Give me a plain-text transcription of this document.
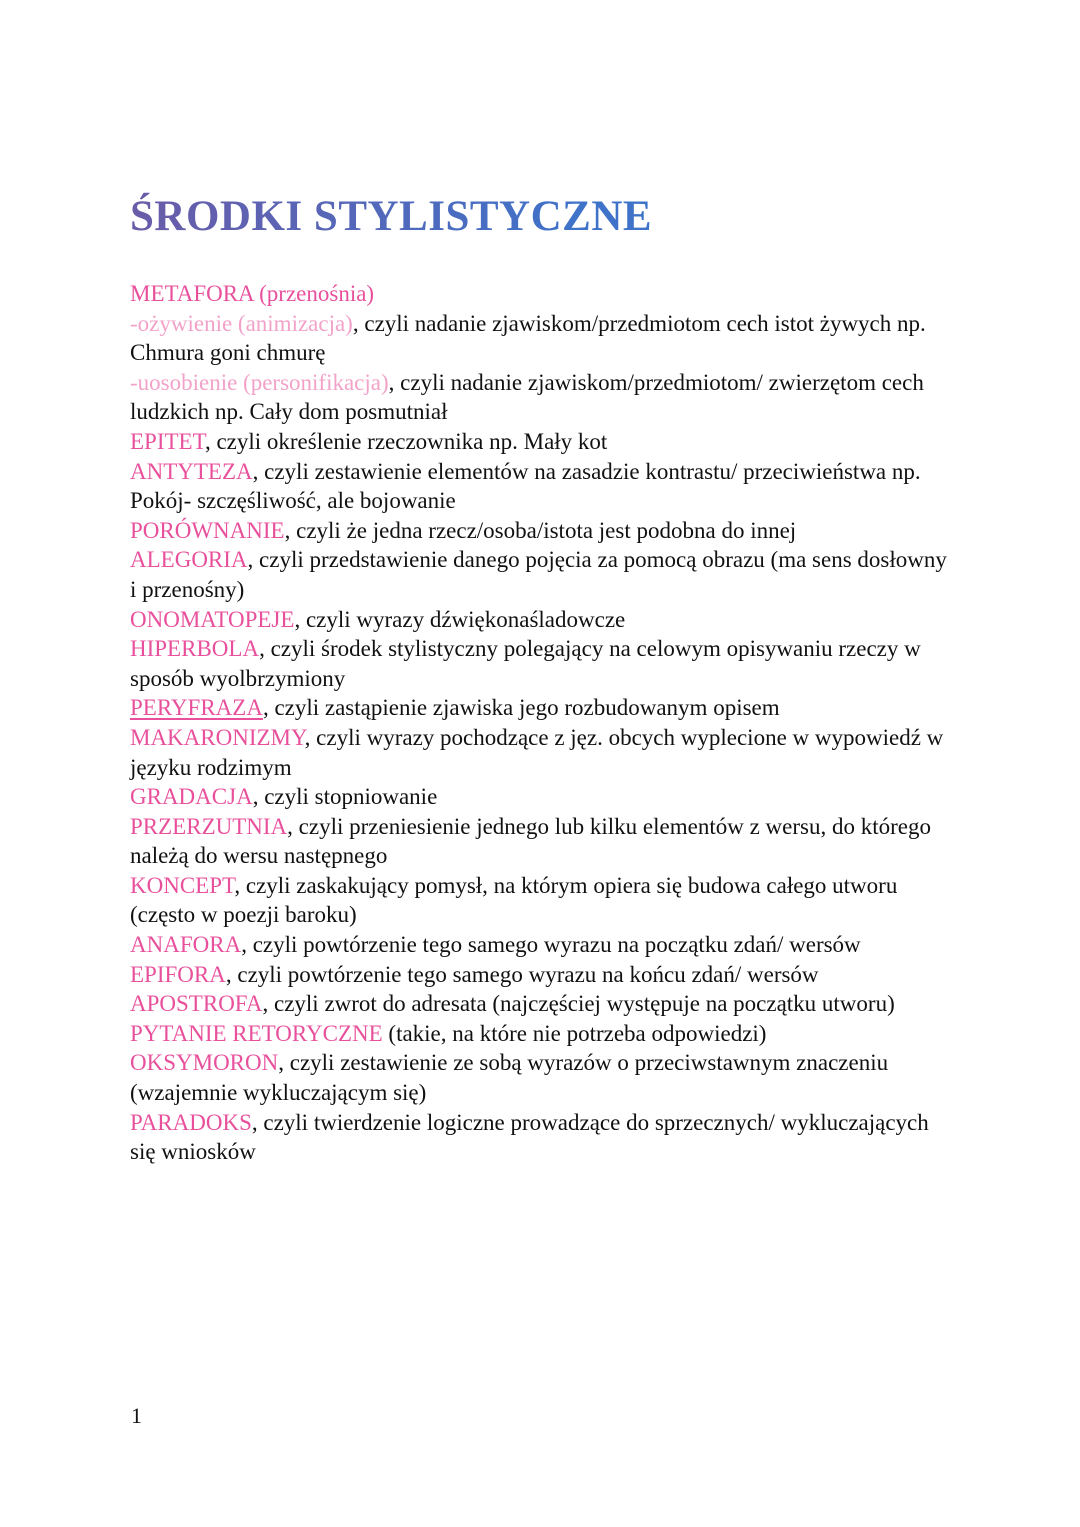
ŚRODKI STYLISTYCZNE

METAFORA (przenośnia)

-ożywienie (animizacja), czyli nadanie zjawiskom/przedmiotom cech istot żywych np. Chmura goni chmurę

-uosobienie (personifikacja), czyli nadanie zjawiskom/przedmiotom/ zwierzętom cech ludzkich np. Cały dom posmutniał

EPITET, czyli określenie rzeczownika np. Mały kot

ANTYTEZA, czyli zestawienie elementów na zasadzie kontrastu/ przeciwieństwa np. Pokój- szczęśliwość, ale bojowanie

PORÓWNANIE, czyli że jedna rzecz/osoba/istota jest podobna do innej

ALEGORIA, czyli przedstawienie danego pojęcia za pomocą obrazu (ma sens dosłowny i przenośny)

ONOMATOPEJE, czyli wyrazy dźwiękonaśladowcze

HIPERBOLA, czyli środek stylistyczny polegający na celowym opisywaniu rzeczy w sposób wyolbrzymiony

PERYFRAZA, czyli zastąpienie zjawiska jego rozbudowanym opisem

MAKARONIZMY, czyli wyrazy pochodzące z jęz. obcych wyplecione w wypowiedź w języku rodzimym

GRADACJA, czyli stopniowanie

PRZERZUTNIA, czyli przeniesienie jednego lub kilku elementów z wersu, do którego należą do wersu następnego

KONCEPT, czyli zaskakujący pomysł, na którym opiera się budowa całego utworu (często w poezji baroku)

ANAFORA, czyli powtórzenie tego samego wyrazu na początku zdań/ wersów

EPIFORA, czyli powtórzenie tego samego wyrazu na końcu zdań/ wersów

APOSTROFA, czyli zwrot do adresata (najczęściej występuje na początku utworu)

PYTANIE RETORYCZNE (takie, na które nie potrzeba odpowiedzi)

OKSYMORON, czyli zestawienie ze sobą wyrazów o przeciwstawnym znaczeniu (wzajemnie wykluczającym się)

PARADOKS, czyli twierdzenie logiczne prowadzące do sprzecznych/ wykluczających się wniosków

1
